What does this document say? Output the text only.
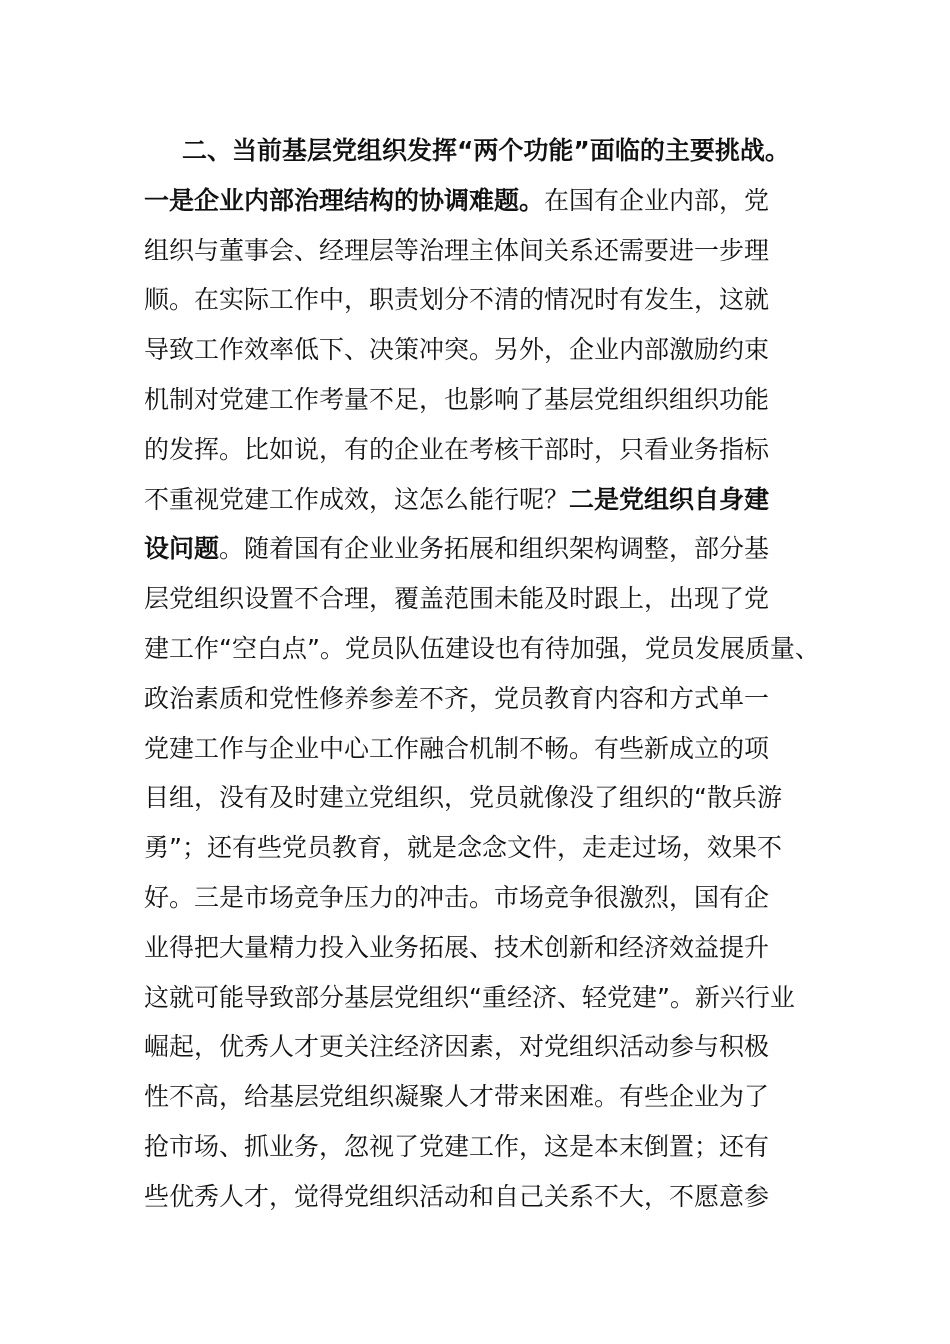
二、当前基层党组织发挥“两个功能”面临的主要挑战。
一是企业内部治理结构的协调难题。在国有企业内部，党
组织与董事会、经理层等治理主体间关系还需要进一步理
顺。在实际工作中，职责划分不清的情况时有发生，这就
导致工作效率低下、决策冲突。另外，企业内部激励约束
机制对党建工作考量不足，也影响了基层党组织组织功能
的发挥。比如说，有的企业在考核干部时，只看业务指标
不重视党建工作成效，这怎么能行呢？二是党组织自身建
设问题。随着国有企业业务拓展和组织架构调整，部分基
层党组织设置不合理，覆盖范围未能及时跟上，出现了党
建工作“空白点”。党员队伍建设也有待加强，党员发展质量、
政治素质和党性修养参差不齐，党员教育内容和方式单一
党建工作与企业中心工作融合机制不畅。有些新成立的项
目组，没有及时建立党组织，党员就像没了组织的“散兵游
勇”；还有些党员教育，就是念念文件，走走过场，效果不
好。三是市场竞争压力的冲击。市场竞争很激烈，国有企
业得把大量精力投入业务拓展、技术创新和经济效益提升
这就可能导致部分基层党组织“重经济、轻党建”。新兴行业
崛起，优秀人才更关注经济因素，对党组织活动参与积极
性不高，给基层党组织凝聚人才带来困难。有些企业为了
抢市场、抓业务，忽视了党建工作，这是本末倒置；还有
些优秀人才，觉得党组织活动和自己关系不大，不愿意参
